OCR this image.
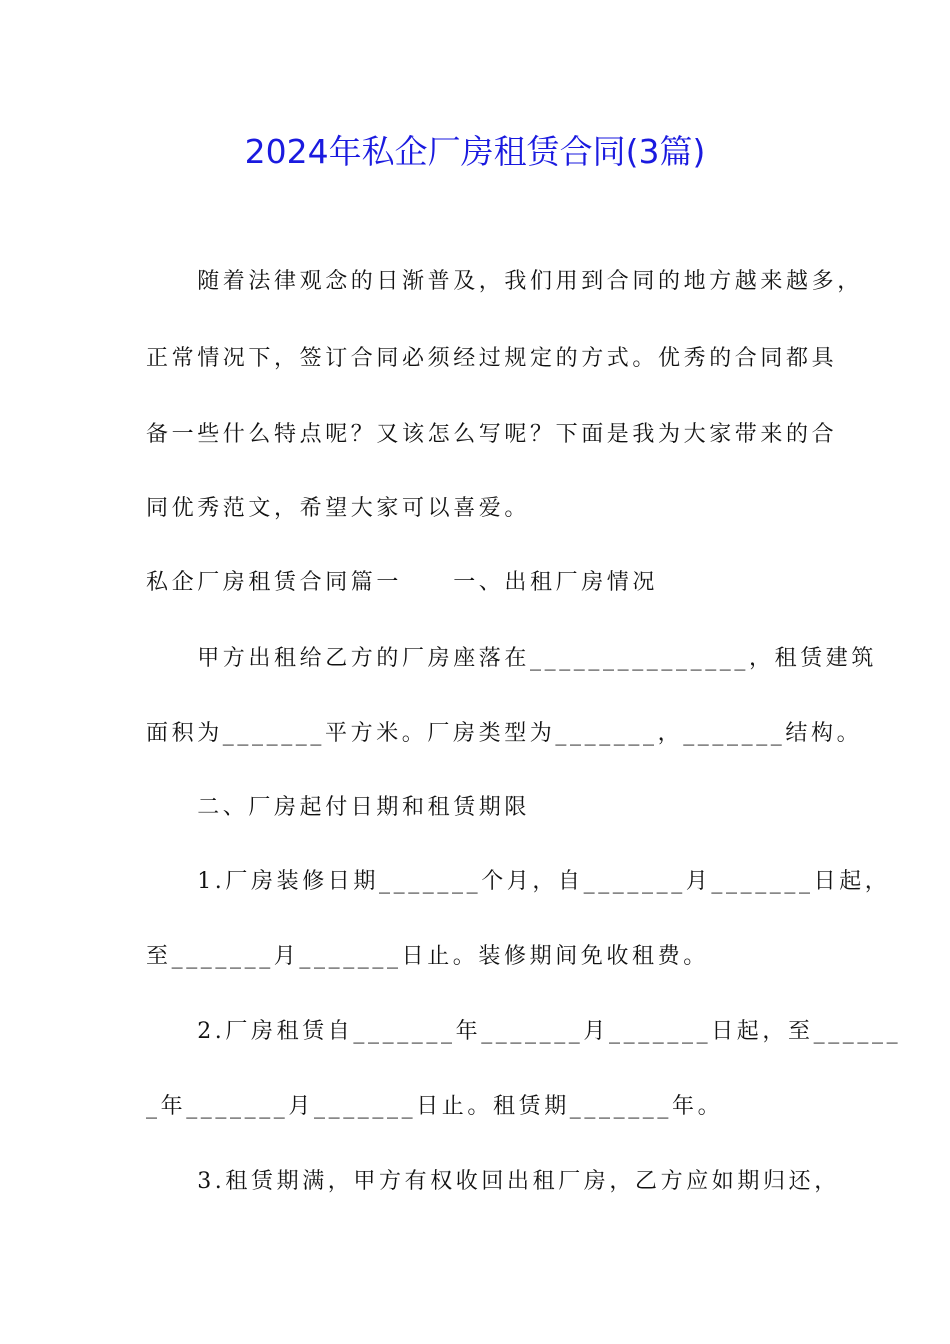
2024年私企厂房租赁合同(3篇)
　　随着法律观念的日渐普及，我们用到合同的地方越来越多，
正常情况下，签订合同必须经过规定的方式。优秀的合同都具
备一些什么特点呢？又该怎么写呢？下面是我为大家带来的合
同优秀范文，希望大家可以喜爱。
私企厂房租赁合同篇一　　一、出租厂房情况
　　甲方出租给乙方的厂房座落在_______________，租赁建筑
面积为_______平方米。厂房类型为_______，_______结构。
　　二、厂房起付日期和租赁期限
　　1.厂房装修日期_______个月，自_______月_______日起，
至_______月_______日止。装修期间免收租费。
　　2.厂房租赁自_______年_______月_______日起，至______
_年_______月_______日止。租赁期_______年。
　　3.租赁期满，甲方有权收回出租厂房，乙方应如期归还，
